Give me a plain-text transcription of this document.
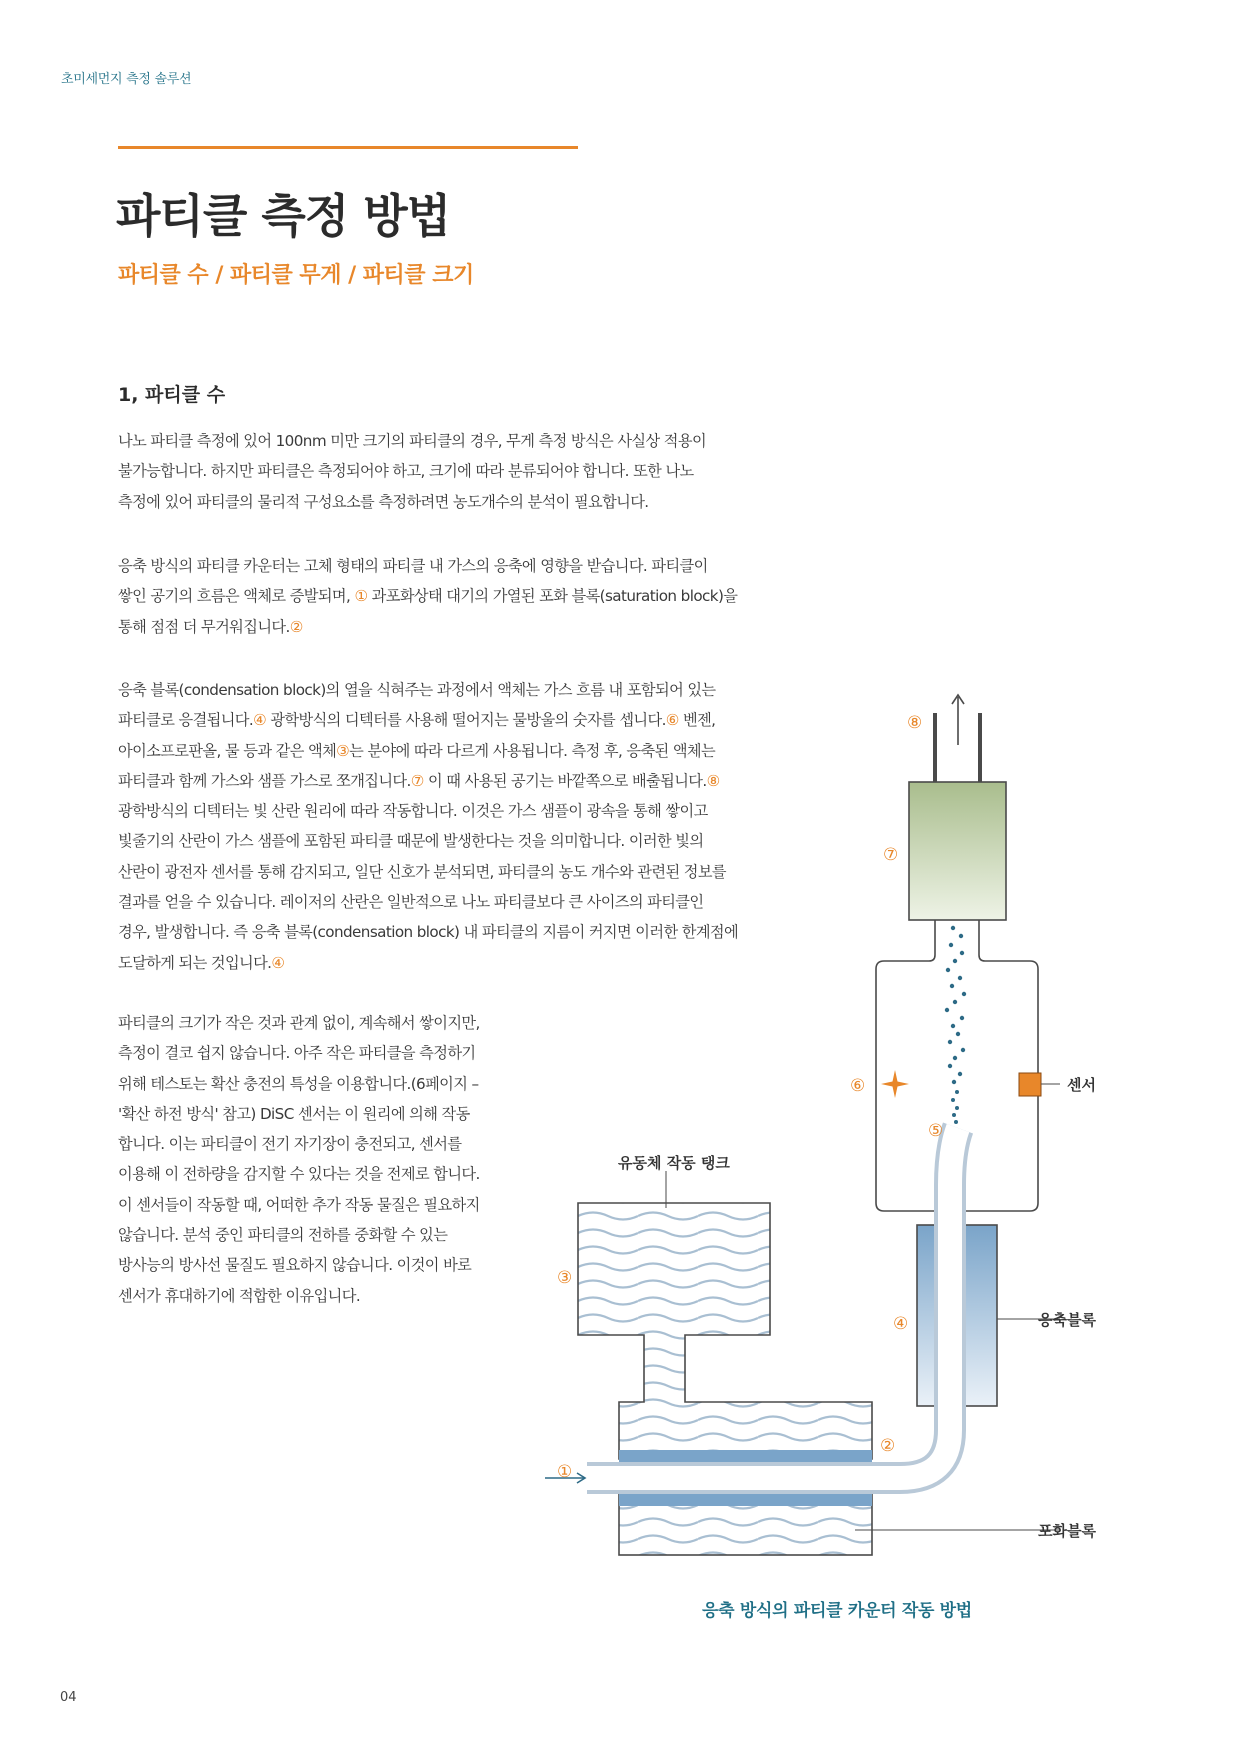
초미세먼지 측정 솔루션
파티클 측정 방법
파티클 수 / 파티클 무게 / 파티클 크기
1, 파티클 수

나노 파티클 측정에 있어 100nm 미만 크기의 파티클의 경우, 무게 측정 방식은 사실상 적용이
불가능합니다. 하지만 파티클은 측정되어야 하고, 크기에 따라 분류되어야 합니다. 또한 나노
측정에 있어 파티클의 물리적 구성요소를 측정하려면 농도개수의 분석이 필요합니다.

응축 방식의 파티클 카운터는 고체 형태의 파티클 내 가스의 응축에 영향을 받습니다. 파티클이
쌓인 공기의 흐름은 액체로 증발되며, ① 과포화상태 대기의 가열된 포화 블록(saturation block)을
통해 점점 더 무거워집니다.②

응축 블록(condensation block)의 열을 식혀주는 과정에서 액체는 가스 흐름 내 포함되어 있는
파티클로 응결됩니다.④ 광학방식의 디텍터를 사용해 떨어지는 물방울의 숫자를 셉니다.⑥ 벤젠,
아이소프로판올, 물 등과 같은 액체③는 분야에 따라 다르게 사용됩니다. 측정 후, 응축된 액체는
파티클과 함께 가스와 샘플 가스로 쪼개집니다.⑦ 이 때 사용된 공기는 바깥쪽으로 배출됩니다.⑧
광학방식의 디텍터는 빛 산란 원리에 따라 작동합니다. 이것은 가스 샘플이 광속을 통해 쌓이고
빛줄기의 산란이 가스 샘플에 포함된 파티클 때문에 발생한다는 것을 의미합니다. 이러한 빛의
산란이 광전자 센서를 통해 감지되고, 일단 신호가 분석되면, 파티클의 농도 개수와 관련된 정보를
결과를 얻을 수 있습니다. 레이저의 산란은 일반적으로 나노 파티클보다 큰 사이즈의 파티클인
경우, 발생합니다. 즉 응축 블록(condensation block) 내 파티클의 지름이 커지면 이러한 한계점에
도달하게 되는 것입니다.④

파티클의 크기가 작은 것과 관계 없이, 계속해서 쌓이지만,
측정이 결코 쉽지 않습니다. 아주 작은 파티클을 측정하기
위해 테스토는 확산 충전의 특성을 이용합니다.(6페이지 –
'확산 하전 방식' 참고) DiSC 센서는 이 원리에 의해 작동
합니다. 이는 파티클이 전기 자기장이 충전되고, 센서를
이용해 이 전하량을 감지할 수 있다는 것을 전제로 합니다.
이 센서들이 작동할 때, 어떠한 추가 작동 물질은 필요하지
않습니다. 분석 중인 파티클의 전하를 중화할 수 있는
방사능의 방사선 물질도 필요하지 않습니다. 이것이 바로
센서가 휴대하기에 적합한 이유입니다.

유동체 작동 탱크
센서
응축블록
포화블록
①
②
③
④
⑤
⑥
⑦
⑧

응축 방식의 파티클 카운터 작동 방법

04
